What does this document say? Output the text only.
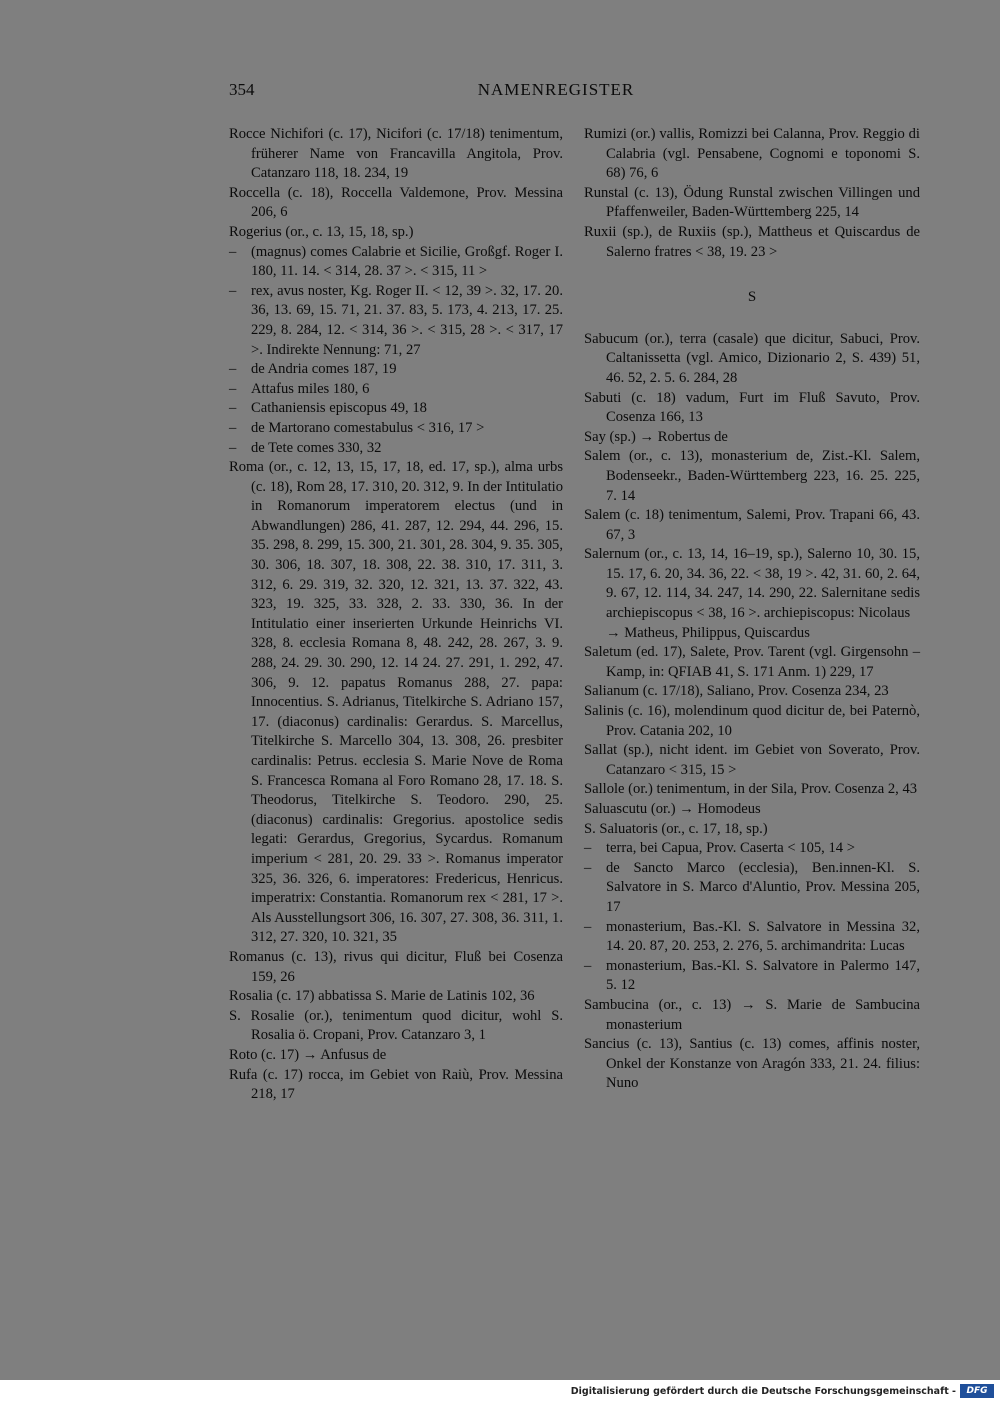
354	NAMENREGISTER

Rocce Nichifori (c. 17), Nicifori (c. 17/18) tenimentum, früherer Name von Francavilla Angitola, Prov. Catanzaro 118, 18. 234, 19

Roccella (c. 18), Roccella Valdemone, Prov. Messina 206, 6

Rogerius (or., c. 13, 15, 18, sp.)

– (magnus) comes Calabrie et Sicilie, Großgf. Roger I. 180, 11. 14. < 314, 28. 37 >. < 315, 11 >

– rex, avus noster, Kg. Roger II. < 12, 39 >. 32, 17. 20. 36, 13. 69, 15. 71, 21. 37. 83, 5. 173, 4. 213, 17. 25. 229, 8. 284, 12. < 314, 36 >. < 315, 28 >. < 317, 17 >. Indirekte Nennung: 71, 27

– de Andria comes 187, 19

– Attafus miles 180, 6

– Cathaniensis episcopus 49, 18

– de Martorano comestabulus < 316, 17 >

– de Tete comes 330, 32

Roma (or., c. 12, 13, 15, 17, 18, ed. 17, sp.), alma urbs (c. 18), Rom 28, 17. 310, 20. 312, 9. In der Intitulatio in Romanorum imperatorem electus (und in Abwandlungen) 286, 41. 287, 12. 294, 44. 296, 15. 35. 298, 8. 299, 15. 300, 21. 301, 28. 304, 9. 35. 305, 30. 306, 18. 307, 18. 308, 22. 38. 310, 17. 311, 3. 312, 6. 29. 319, 32. 320, 12. 321, 13. 37. 322, 43. 323, 19. 325, 33. 328, 2. 33. 330, 36. In der Intitulatio einer inserierten Urkunde Heinrichs VI. 328, 8. ecclesia Romana 8, 48. 242, 28. 267, 3. 9. 288, 24. 29. 30. 290, 12. 14 24. 27. 291, 1. 292, 47. 306, 9. 12. papatus Romanus 288, 27. papa: Innocentius. S. Adrianus, Titelkirche S. Adriano 157, 17. (diaconus) cardinalis: Gerardus. S. Marcellus, Titelkirche S. Marcello 304, 13. 308, 26. presbiter cardinalis: Petrus. ecclesia S. Marie Nove de Roma S. Francesca Romana al Foro Romano 28, 17. 18. S. Theodorus, Titelkirche S. Teodoro. 290, 25. (diaconus) cardinalis: Gregorius. apostolice sedis legati: Gerardus, Gregorius, Sycardus. Romanum imperium < 281, 20. 29. 33 >. Romanus imperator 325, 36. 326, 6. imperatores: Fredericus, Henricus. imperatrix: Constantia. Romanorum rex < 281, 17 >. Als Ausstellungsort 306, 16. 307, 27. 308, 36. 311, 1. 312, 27. 320, 10. 321, 35

Romanus (c. 13), rivus qui dicitur, Fluß bei Cosenza 159, 26

Rosalia (c. 17) abbatissa S. Marie de Latinis 102, 36

S. Rosalie (or.), tenimentum quod dicitur, wohl S. Rosalia ö. Cropani, Prov. Catanzaro 3, 1

Roto (c. 17) → Anfusus de

Rufa (c. 17) rocca, im Gebiet von Raiù, Prov. Messina 218, 17

Rumizi (or.) vallis, Romizzi bei Calanna, Prov. Reggio di Calabria (vgl. Pensabene, Cognomi e toponomi S. 68) 76, 6

Runstal (c. 13), Ödung Runstal zwischen Villingen und Pfaffenweiler, Baden-Württemberg 225, 14

Ruxii (sp.), de Ruxiis (sp.), Mattheus et Quiscardus de Salerno fratres < 38, 19. 23 >

S

Sabucum (or.), terra (casale) que dicitur, Sabuci, Prov. Caltanissetta (vgl. Amico, Dizionario 2, S. 439) 51, 46. 52, 2. 5. 6. 284, 28

Sabuti (c. 18) vadum, Furt im Fluß Savuto, Prov. Cosenza 166, 13

Say (sp.) → Robertus de

Salem (or., c. 13), monasterium de, Zist.-Kl. Salem, Bodenseekr., Baden-Württemberg 223, 16. 25. 225, 7. 14

Salem (c. 18) tenimentum, Salemi, Prov. Trapani 66, 43. 67, 3

Salernum (or., c. 13, 14, 16–19, sp.), Salerno 10, 30. 15, 15. 17, 6. 20, 34. 36, 22. < 38, 19 >. 42, 31. 60, 2. 64, 9. 67, 12. 114, 34. 247, 14. 290, 22. Salernitane sedis archiepiscopus < 38, 16 >. archiepiscopus: Nicolaus

→ Matheus, Philippus, Quiscardus

Saletum (ed. 17), Salete, Prov. Tarent (vgl. Girgensohn – Kamp, in: QFIAB 41, S. 171 Anm. 1) 229, 17

Salianum (c. 17/18), Saliano, Prov. Cosenza 234, 23

Salinis (c. 16), molendinum quod dicitur de, bei Paternò, Prov. Catania 202, 10

Sallat (sp.), nicht ident. im Gebiet von Soverato, Prov. Catanzaro < 315, 15 >

Sallole (or.) tenimentum, in der Sila, Prov. Cosenza 2, 43

Saluascutu (or.) → Homodeus

S. Saluatoris (or., c. 17, 18, sp.)

– terra, bei Capua, Prov. Caserta < 105, 14 >

– de Sancto Marco (ecclesia), Ben.innen-Kl. S. Salvatore in S. Marco d'Aluntio, Prov. Messina 205, 17

– monasterium, Bas.-Kl. S. Salvatore in Messina 32, 14. 20. 87, 20. 253, 2. 276, 5. archimandrita: Lucas

– monasterium, Bas.-Kl. S. Salvatore in Palermo 147, 5. 12

Sambucina (or., c. 13) → S. Marie de Sambucina monasterium

Sancius (c. 13), Santius (c. 13) comes, affinis noster, Onkel der Konstanze von Aragón 333, 21. 24. filius: Nuno

Digitalisierung gefördert durch die Deutsche Forschungsgemeinschaft -	DFG
